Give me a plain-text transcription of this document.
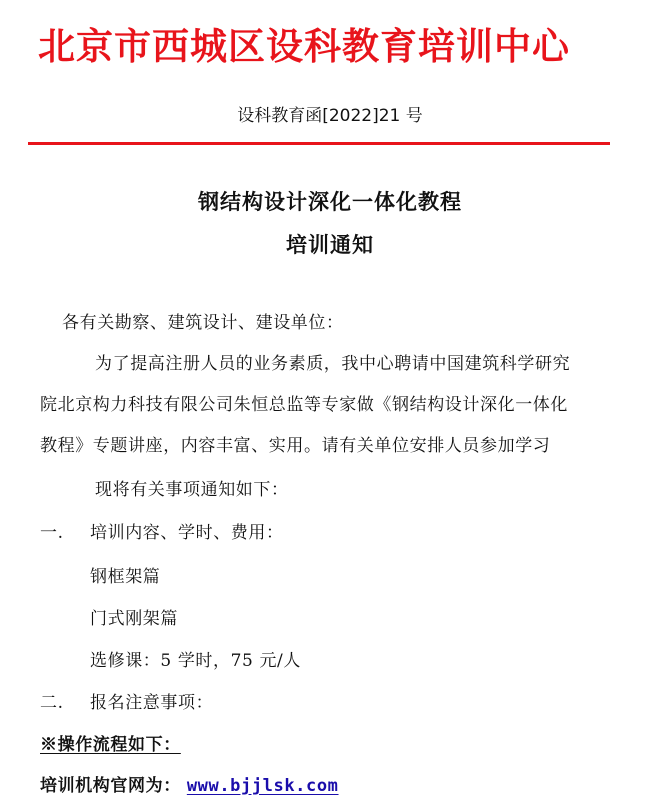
北京市西城区设科教育培训中心
设科教育函[2022]21 号
钢结构设计深化一体化教程
培训通知
各有关勘察、建筑设计、建设单位：
为了提高注册人员的业务素质，我中心聘请中国建筑科学研究
院北京构力科技有限公司朱恒总监等专家做《钢结构设计深化一体化
教程》专题讲座，内容丰富、实用。请有关单位安排人员参加学习
现将有关事项通知如下：
一. 培训内容、学时、费用：
钢框架篇
门式刚架篇
选修课：5 学时，75 元/人
二. 报名注意事项：
※操作流程如下：
培训机构官网为： www.bjjlsk.com
